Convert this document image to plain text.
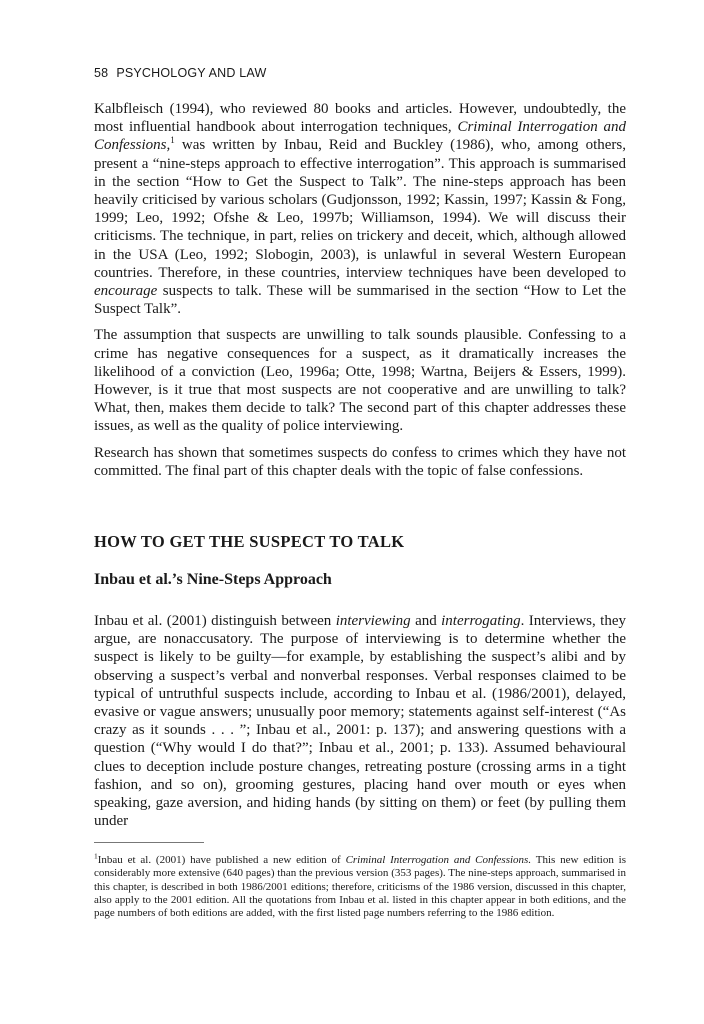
58 PSYCHOLOGY AND LAW

Kalbfleisch (1994), who reviewed 80 books and articles. However, undoubtedly, the most influential handbook about interrogation techniques, Criminal Interrogation and Confessions,$^1$ was written by Inbau, Reid and Buckley (1986), who, among others, present a “nine-steps approach to effective interrogation”. This approach is summarised in the section “How to Get the Suspect to Talk”. The nine-steps approach has been heavily criticised by various scholars (Gudjonsson, 1992; Kassin, 1997; Kassin & Fong, 1999; Leo, 1992; Ofshe & Leo, 1997b; Williamson, 1994). We will discuss their criticisms. The technique, in part, relies on trickery and deceit, which, although allowed in the USA (Leo, 1992; Slobogin, 2003), is unlawful in several Western European countries. Therefore, in these countries, interview techniques have been developed to encourage suspects to talk. These will be summarised in the section “How to Let the Suspect Talk”.

The assumption that suspects are unwilling to talk sounds plausible. Confessing to a crime has negative consequences for a suspect, as it dramatically increases the likelihood of a conviction (Leo, 1996a; Otte, 1998; Wartna, Beijers & Essers, 1999). However, is it true that most suspects are not cooperative and are unwilling to talk? What, then, makes them decide to talk? The second part of this chapter addresses these issues, as well as the quality of police interviewing.

Research has shown that sometimes suspects do confess to crimes which they have not committed. The final part of this chapter deals with the topic of false confessions.

HOW TO GET THE SUSPECT TO TALK
Inbau et al.’s Nine-Steps Approach

Inbau et al. (2001) distinguish between interviewing and interrogating. Interviews, they argue, are nonaccusatory. The purpose of interviewing is to determine whether the suspect is likely to be guilty—for example, by establishing the suspect’s alibi and by observing a suspect’s verbal and nonverbal responses. Verbal responses claimed to be typical of untruthful suspects include, according to Inbau et al. (1986/2001), delayed, evasive or vague answers; unusually poor memory; statements against self-interest (“As crazy as it sounds . . . ”; Inbau et al., 2001: p. 137); and answering questions with a question (“Why would I do that?”; Inbau et al., 2001; p. 133). Assumed behavioural clues to deception include posture changes, retreating posture (crossing arms in a tight fashion, and so on), grooming gestures, placing hand over mouth or eyes when speaking, gaze aversion, and hiding hands (by sitting on them) or feet (by pulling them under

$^1$Inbau et al. (2001) have published a new edition of Criminal Interrogation and Confessions. This new edition is considerably more extensive (640 pages) than the previous version (353 pages). The nine-steps approach, summarised in this chapter, is described in both 1986/2001 editions; therefore, criticisms of the 1986 version, discussed in this chapter, also apply to the 2001 edition. All the quotations from Inbau et al. listed in this chapter appear in both editions, and the page numbers of both editions are added, with the first listed page numbers referring to the 1986 edition.
